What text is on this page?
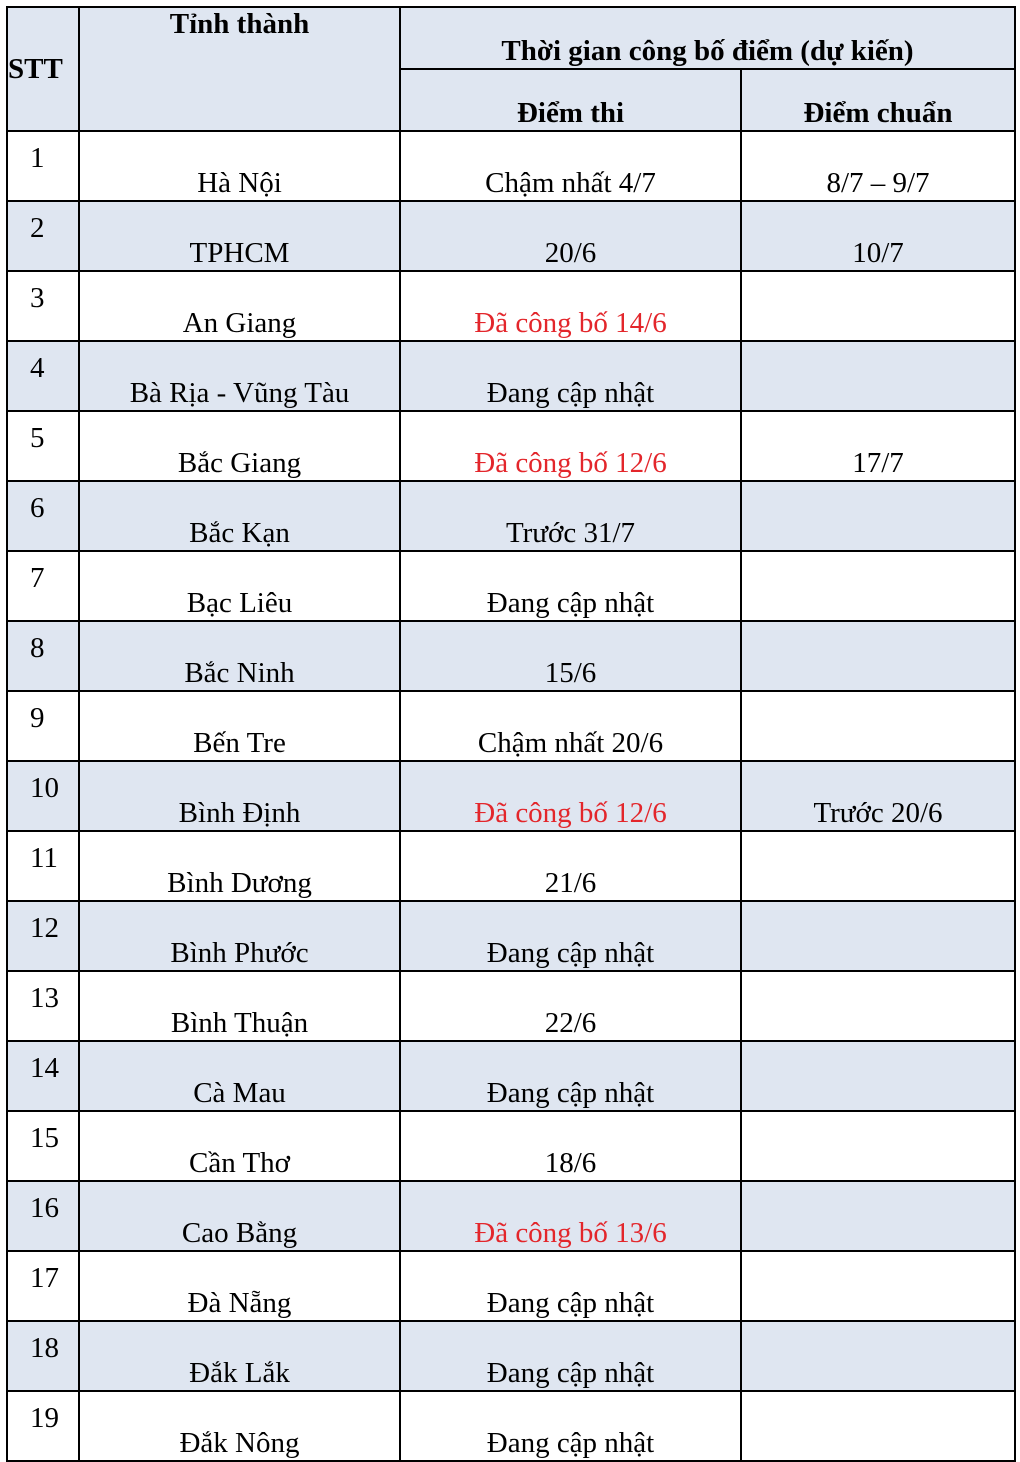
STT	Tỉnh thành	Thời gian công bố điểm (dự kiến)	
		Điểm thi	Điểm chuẩn
1	Hà Nội	Chậm nhất 4/7	8/7 – 9/7
2	TPHCM	20/6	10/7
3	An Giang	Đã công bố 14/6	
4	Bà Rịa - Vũng Tàu	Đang cập nhật	
5	Bắc Giang	Đã công bố 12/6	17/7
6	Bắc Kạn	Trước 31/7	
7	Bạc Liêu	Đang cập nhật	
8	Bắc Ninh	15/6	
9	Bến Tre	Chậm nhất 20/6	
10	Bình Định	Đã công bố 12/6	Trước 20/6
11	Bình Dương	21/6	
12	Bình Phước	Đang cập nhật	
13	Bình Thuận	22/6	
14	Cà Mau	Đang cập nhật	
15	Cần Thơ	18/6	
16	Cao Bằng	Đã công bố 13/6	
17	Đà Nẵng	Đang cập nhật	
18	Đắk Lắk	Đang cập nhật	
19	Đắk Nông	Đang cập nhật	
